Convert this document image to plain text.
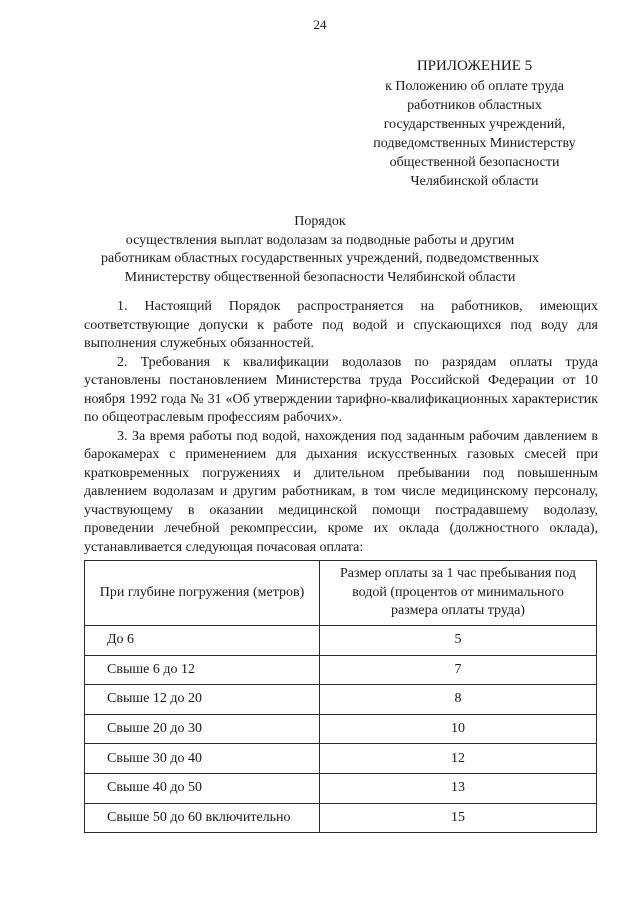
24
ПРИЛОЖЕНИЕ 5
к Положению об оплате труда
работников областных
государственных учреждений,
подведомственных Министерству
общественной безопасности
Челябинской области
Порядок
осуществления выплат водолазам за подводные работы и другим
работникам областных государственных учреждений, подведомственных
Министерству общественной безопасности Челябинской области

1. Настоящий Порядок распространяется на работников, имеющих соответствующие допуски к работе под водой и спускающихся под воду для выполнения служебных обязанностей.

2. Требования к квалификации водолазов по разрядам оплаты труда установлены постановлением Министерства труда Российской Федерации от 10 ноября 1992 года № 31 «Об утверждении тарифно-квалификационных характеристик по общеотраслевым профессиям рабочих».

3. За время работы под водой, нахождения под заданным рабочим давлением в барокамерах с применением для дыхания искусственных газовых смесей при кратковременных погружениях и длительном пребывании под повышенным давлением водолазам и другим работникам, в том числе медицинскому персоналу, участвующему в оказании медицинской помощи пострадавшему водолазу, проведении лечебной рекомпрессии, кроме их оклада (должностного оклада), устанавливается следующая почасовая оплата:

При глубине погружения (метров)	Размер оплаты за 1 час пребывания под водой (процентов от минимального размера оплаты труда)
До 6	5
Свыше 6 до 12	7
Свыше 12 до 20	8
Свыше 20 до 30	10
Свыше 30 до 40	12
Свыше 40 до 50	13
Свыше 50 до 60 включительно	15
